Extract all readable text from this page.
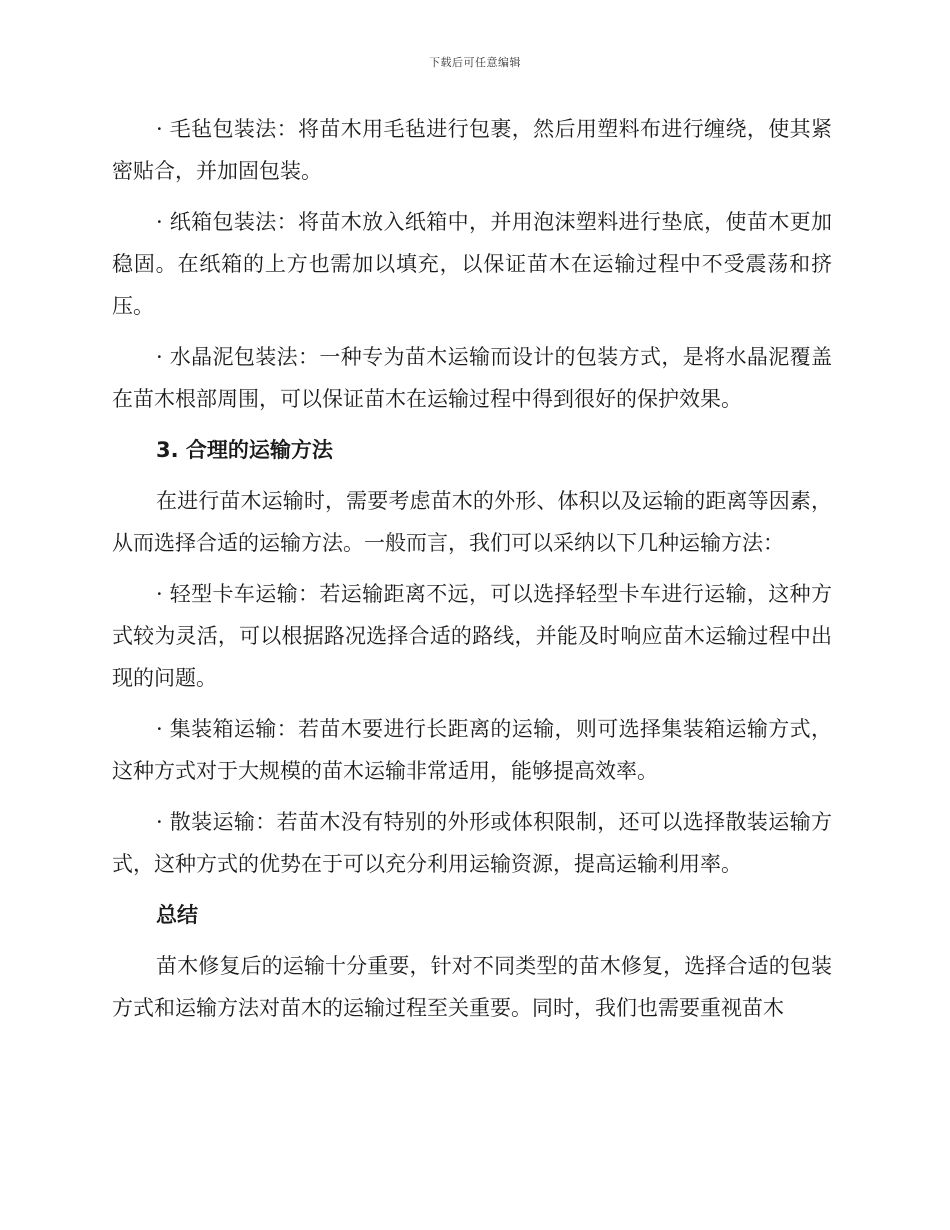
下载后可任意编辑

· 毛毡包装法：将苗木用毛毡进行包裹，然后用塑料布进行缠绕，使其紧密贴合，并加固包装。

· 纸箱包装法：将苗木放入纸箱中，并用泡沫塑料进行垫底，使苗木更加稳固。在纸箱的上方也需加以填充，以保证苗木在运输过程中不受震荡和挤压。

· 水晶泥包装法：一种专为苗木运输而设计的包装方式，是将水晶泥覆盖在苗木根部周围，可以保证苗木在运输过程中得到很好的保护效果。

3. 合理的运输方法

在进行苗木运输时，需要考虑苗木的外形、体积以及运输的距离等因素，从而选择合适的运输方法。一般而言，我们可以采纳以下几种运输方法：

· 轻型卡车运输：若运输距离不远，可以选择轻型卡车进行运输，这种方式较为灵活，可以根据路况选择合适的路线，并能及时响应苗木运输过程中出现的问题。

· 集装箱运输：若苗木要进行长距离的运输，则可选择集装箱运输方式，这种方式对于大规模的苗木运输非常适用，能够提高效率。

· 散装运输：若苗木没有特别的外形或体积限制，还可以选择散装运输方式，这种方式的优势在于可以充分利用运输资源，提高运输利用率。

总结

苗木修复后的运输十分重要，针对不同类型的苗木修复，选择合适的包装方式和运输方法对苗木的运输过程至关重要。同时，我们也需要重视苗木
